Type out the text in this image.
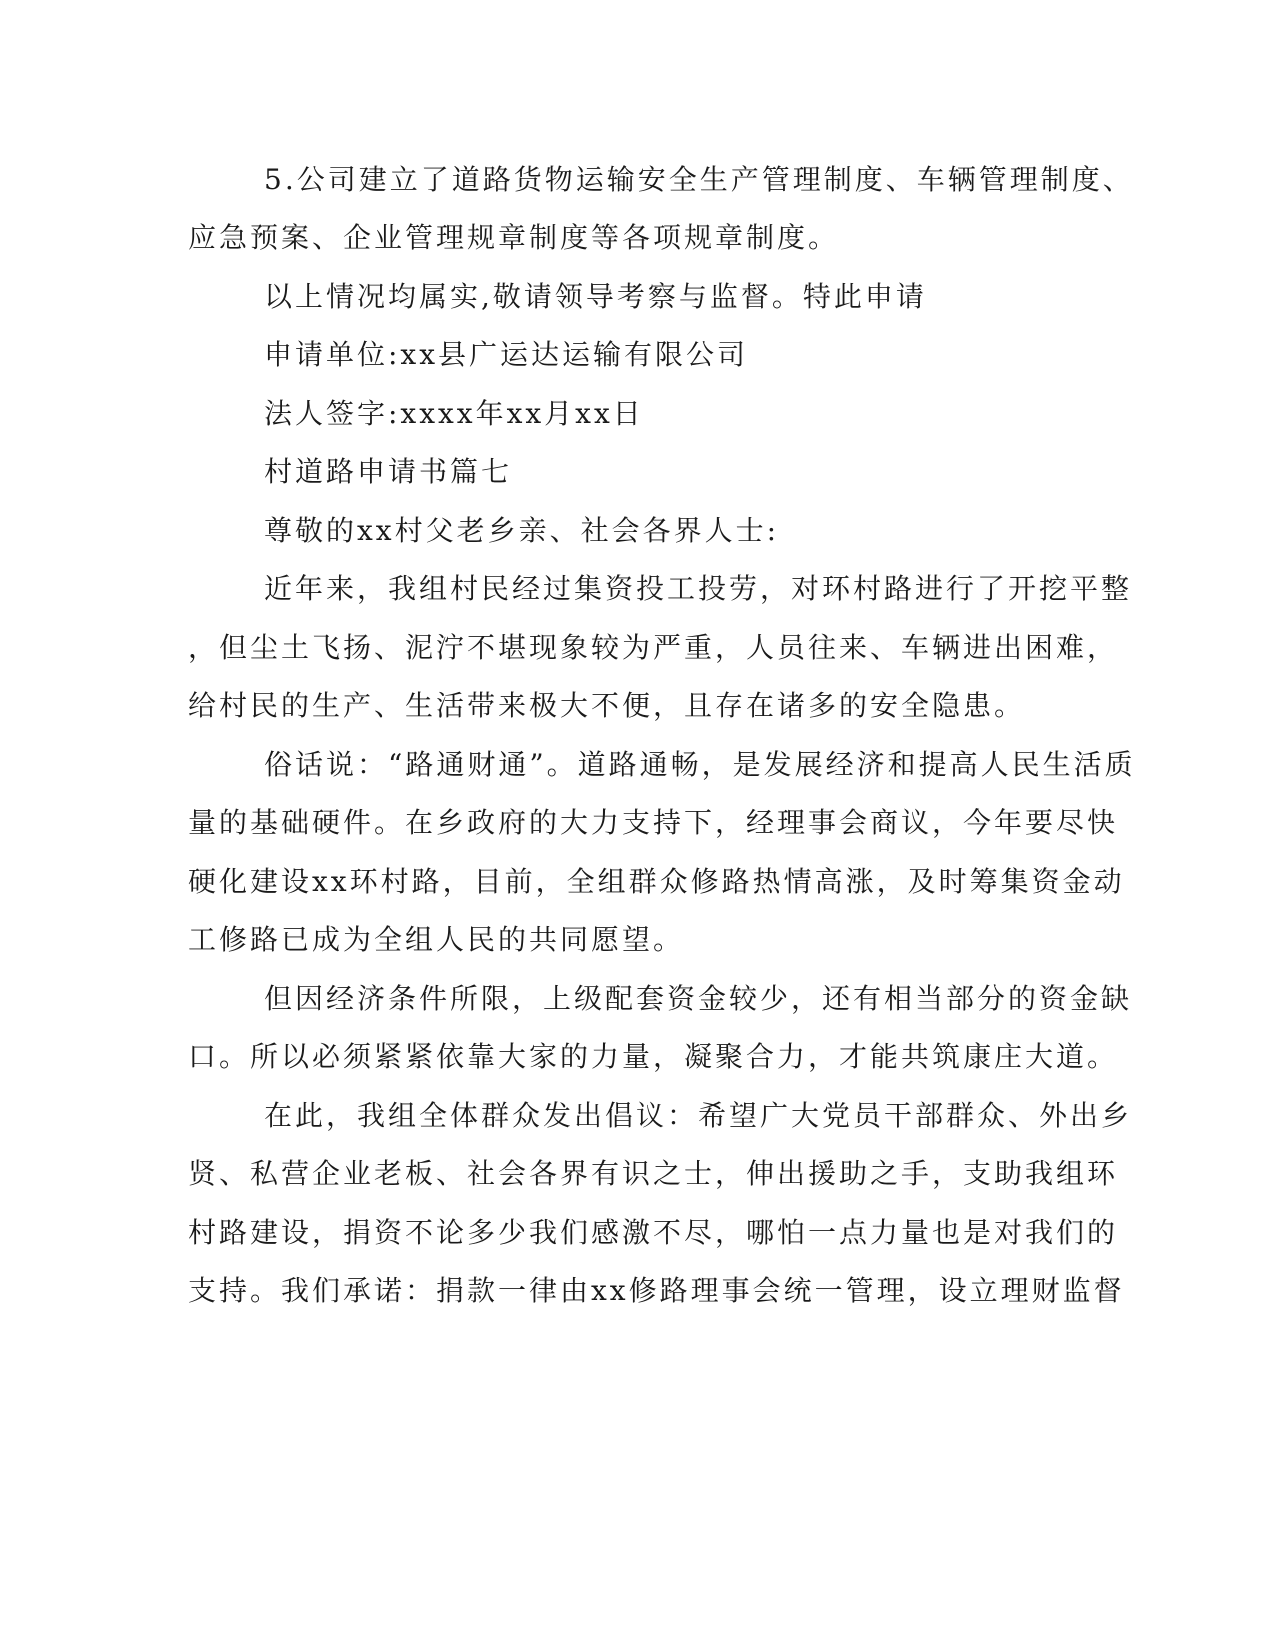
5.公司建立了道路货物运输安全生产管理制度、车辆管理制度、
应急预案、企业管理规章制度等各项规章制度。
以上情况均属实,敬请领导考察与监督。特此申请
申请单位:xx县广运达运输有限公司
法人签字:xxxx年xx月xx日
村道路申请书篇七
尊敬的xx村父老乡亲、社会各界人士:
近年来，我组村民经过集资投工投劳，对环村路进行了开挖平整
，但尘土飞扬、泥泞不堪现象较为严重，人员往来、车辆进出困难，
给村民的生产、生活带来极大不便，且存在诸多的安全隐患。
俗话说：“路通财通”。道路通畅，是发展经济和提高人民生活质
量的基础硬件。在乡政府的大力支持下，经理事会商议，今年要尽快
硬化建设xx环村路，目前，全组群众修路热情高涨，及时筹集资金动
工修路已成为全组人民的共同愿望。
但因经济条件所限，上级配套资金较少，还有相当部分的资金缺
口。所以必须紧紧依靠大家的力量，凝聚合力，才能共筑康庄大道。
在此，我组全体群众发出倡议：希望广大党员干部群众、外出乡
贤、私营企业老板、社会各界有识之士，伸出援助之手，支助我组环
村路建设，捐资不论多少我们感激不尽，哪怕一点力量也是对我们的
支持。我们承诺：捐款一律由xx修路理事会统一管理，设立理财监督
